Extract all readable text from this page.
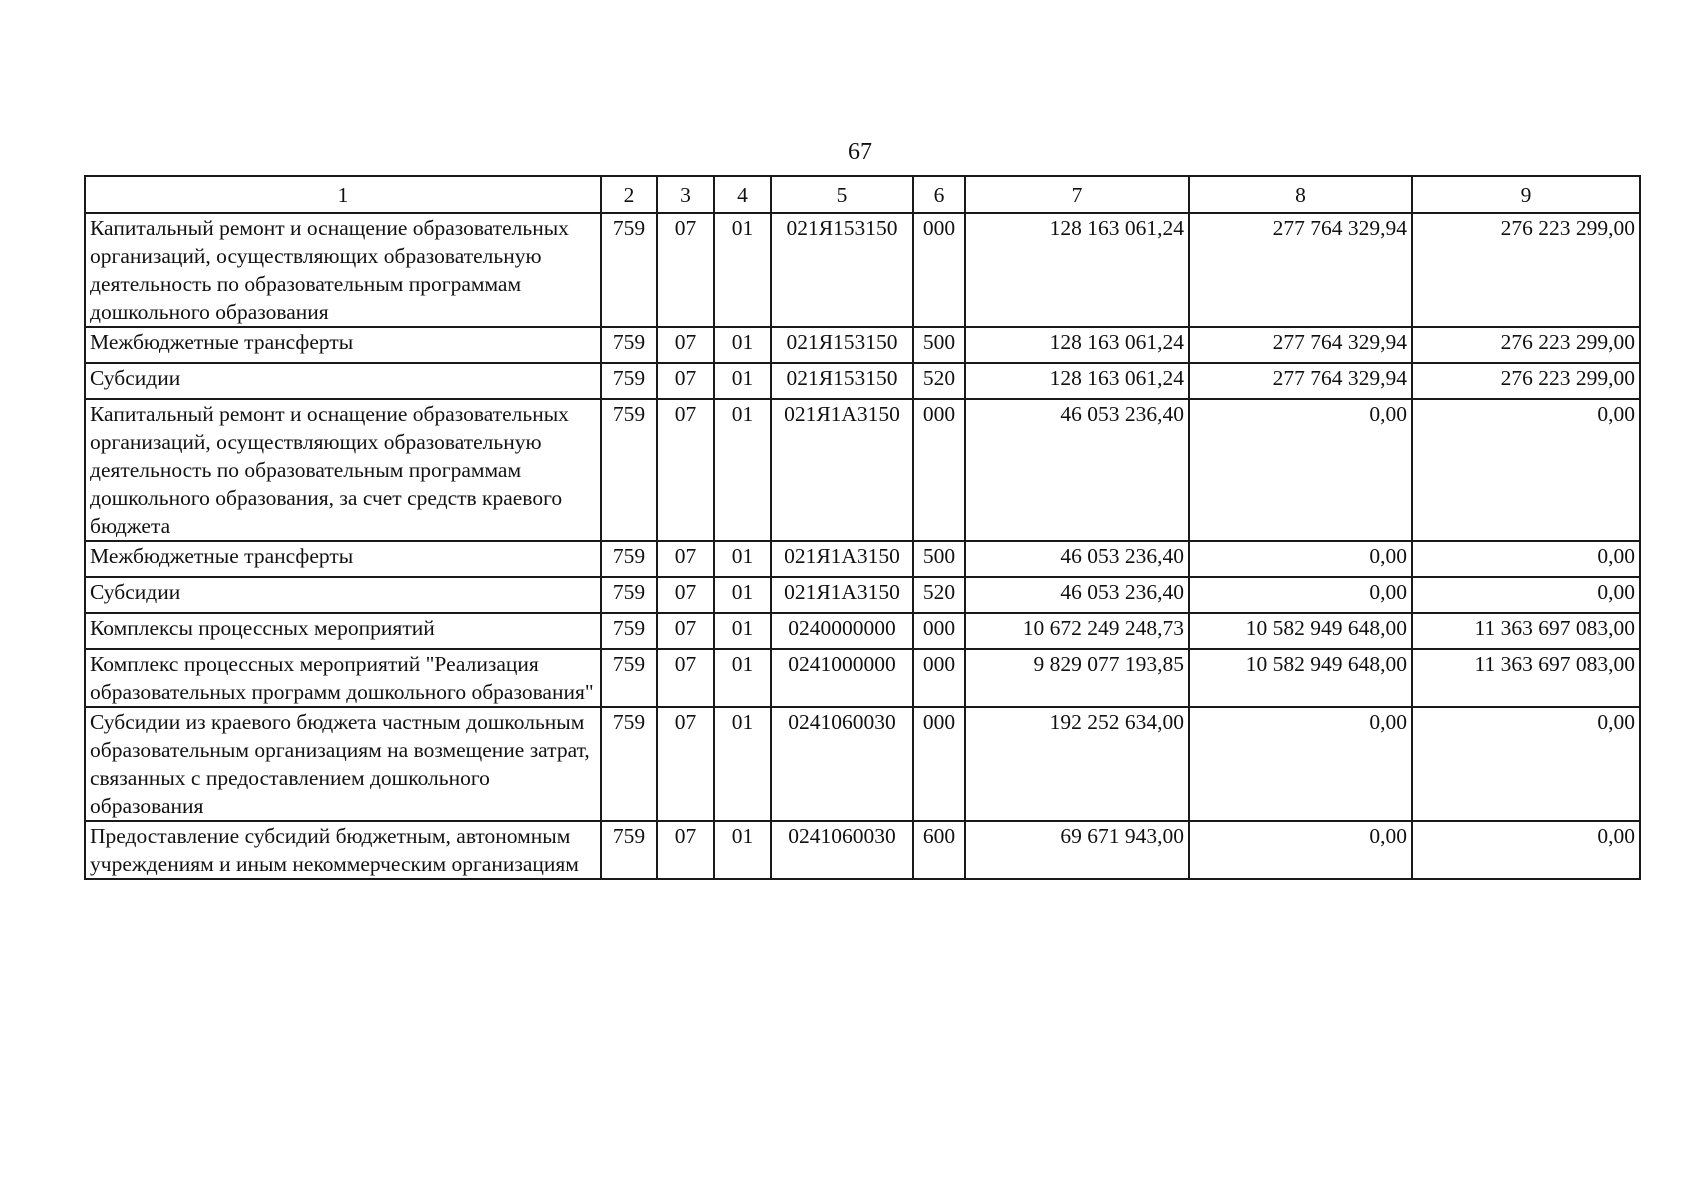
67
1	2	3	4	5	6	7	8	9
Капитальный ремонт и оснащение образовательных организаций, осуществляющих образовательную деятельность по образовательным программам дошкольного образования	759	07	01	021Я153150	000	128 163 061,24	277 764 329,94	276 223 299,00

Межбюджетные трансферты	759	07	01	021Я153150	500	128 163 061,24	277 764 329,94	276 223 299,00

Субсидии	759	07	01	021Я153150	520	128 163 061,24	277 764 329,94	276 223 299,00

Капитальный ремонт и оснащение образовательных организаций, осуществляющих образовательную деятельность по образовательным программам дошкольного образования, за счет средств краевого бюджета	759	07	01	021Я1А3150	000	46 053 236,40	0,00	0,00

Межбюджетные трансферты	759	07	01	021Я1А3150	500	46 053 236,40	0,00	0,00

Субсидии	759	07	01	021Я1А3150	520	46 053 236,40	0,00	0,00

Комплексы процессных мероприятий	759	07	01	0240000000	000	10 672 249 248,73	10 582 949 648,00	11 363 697 083,00

Комплекс процессных мероприятий "Реализация образовательных программ дошкольного образования"	759	07	01	0241000000	000	9 829 077 193,85	10 582 949 648,00	11 363 697 083,00

Субсидии из краевого бюджета частным дошкольным образовательным организациям на возмещение затрат, связанных с предоставлением дошкольного образования	759	07	01	0241060030	000	192 252 634,00	0,00	0,00

Предоставление субсидий бюджетным, автономным учреждениям и иным некоммерческим организациям	759	07	01	0241060030	600	69 671 943,00	0,00	0,00
